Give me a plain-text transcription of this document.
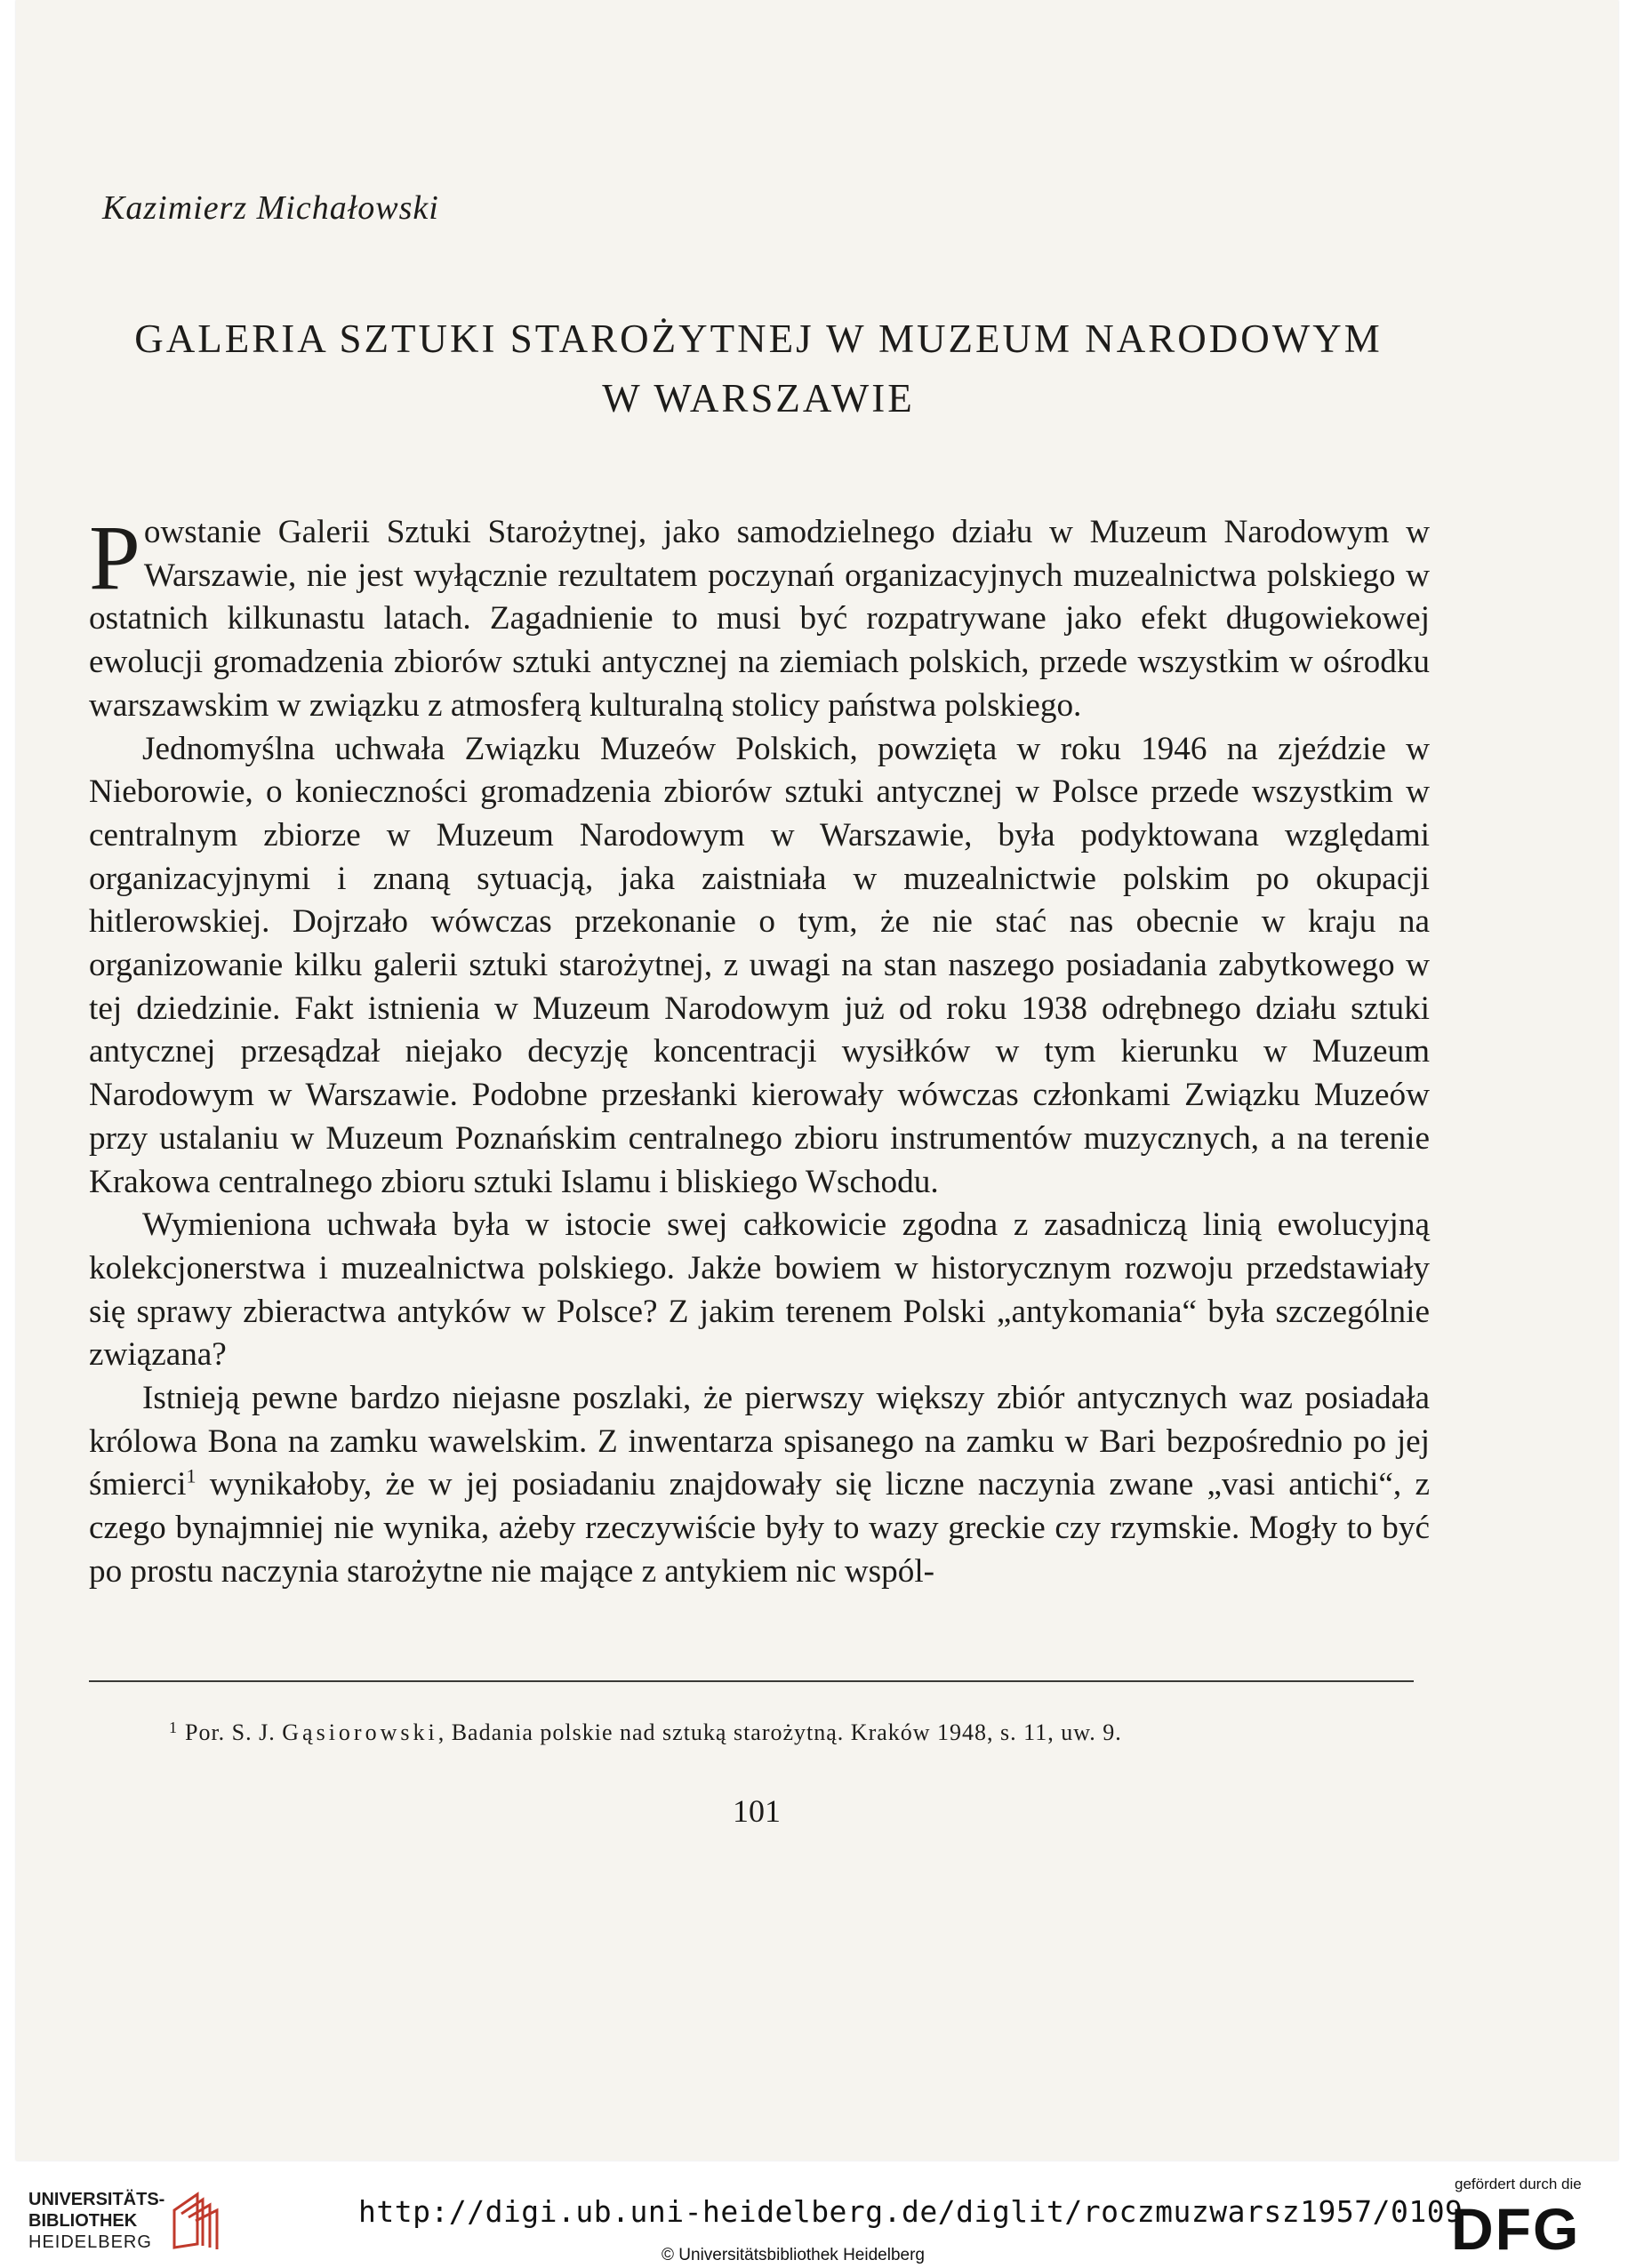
Kazimierz Michałowski
GALERIA SZTUKI STAROŻYTNEJ W MUZEUM NARODOWYM
W WARSZAWIE

Powstanie Galerii Sztuki Starożytnej, jako samodzielnego działu w Muzeum Narodowym w Warszawie, nie jest wyłącznie rezultatem poczynań organizacyjnych muzealnictwa polskiego w ostatnich kilkunastu latach. Zagadnienie to musi być rozpatrywane jako efekt długowiekowej ewolucji gromadzenia zbiorów sztuki antycznej na ziemiach polskich, przede wszystkim w ośrodku warszawskim w związku z atmosferą kulturalną stolicy państwa polskiego.

Jednomyślna uchwała Związku Muzeów Polskich, powzięta w roku 1946 na zjeździe w Nieborowie, o konieczności gromadzenia zbiorów sztuki antycznej w Polsce przede wszystkim w centralnym zbiorze w Muzeum Narodowym w Warszawie, była podyktowana względami organizacyjnymi i znaną sytuacją, jaka zaistniała w muzealnictwie polskim po okupacji hitlerowskiej. Dojrzało wówczas przekonanie o tym, że nie stać nas obecnie w kraju na organizowanie kilku galerii sztuki starożytnej, z uwagi na stan naszego posiadania zabytkowego w tej dziedzinie. Fakt istnienia w Muzeum Narodowym już od roku 1938 odrębnego działu sztuki antycznej przesądzał niejako decyzję koncentracji wysiłków w tym kierunku w Muzeum Narodowym w Warszawie. Podobne przesłanki kierowały wówczas członkami Związku Muzeów przy ustalaniu w Muzeum Poznańskim centralnego zbioru instrumentów muzycznych, a na terenie Krakowa centralnego zbioru sztuki Islamu i bliskiego Wschodu.

Wymieniona uchwała była w istocie swej całkowicie zgodna z zasadniczą linią ewolucyjną kolekcjonerstwa i muzealnictwa polskiego. Jakże bowiem w historycznym rozwoju przedstawiały się sprawy zbieractwa antyków w Polsce? Z jakim terenem Polski „antykomania“ była szczególnie związana?

Istnieją pewne bardzo niejasne poszlaki, że pierwszy większy zbiór antycznych waz posiadała królowa Bona na zamku wawelskim. Z inwentarza spisanego na zamku w Bari bezpośrednio po jej śmierci$^1$ wynikałoby, że w jej posiadaniu znajdowały się liczne naczynia zwane „vasi antichi“, z czego bynajmniej nie wynika, ażeby rzeczywiście były to wazy greckie czy rzymskie. Mogły to być po prostu naczynia starożytne nie mające z antykiem nic wspól-

$^1$ Por. S. J. Gąsiorowski, Badania polskie nad sztuką starożytną. Kraków 1948, s. 11, uw. 9.
101
UNIVERSITÄTS-
BIBLIOTHEK
HEIDELBERG
http://digi.ub.uni-heidelberg.de/diglit/roczmuzwarsz1957/0109
© Universitätsbibliothek Heidelberg
gefördert durch die
DFG
